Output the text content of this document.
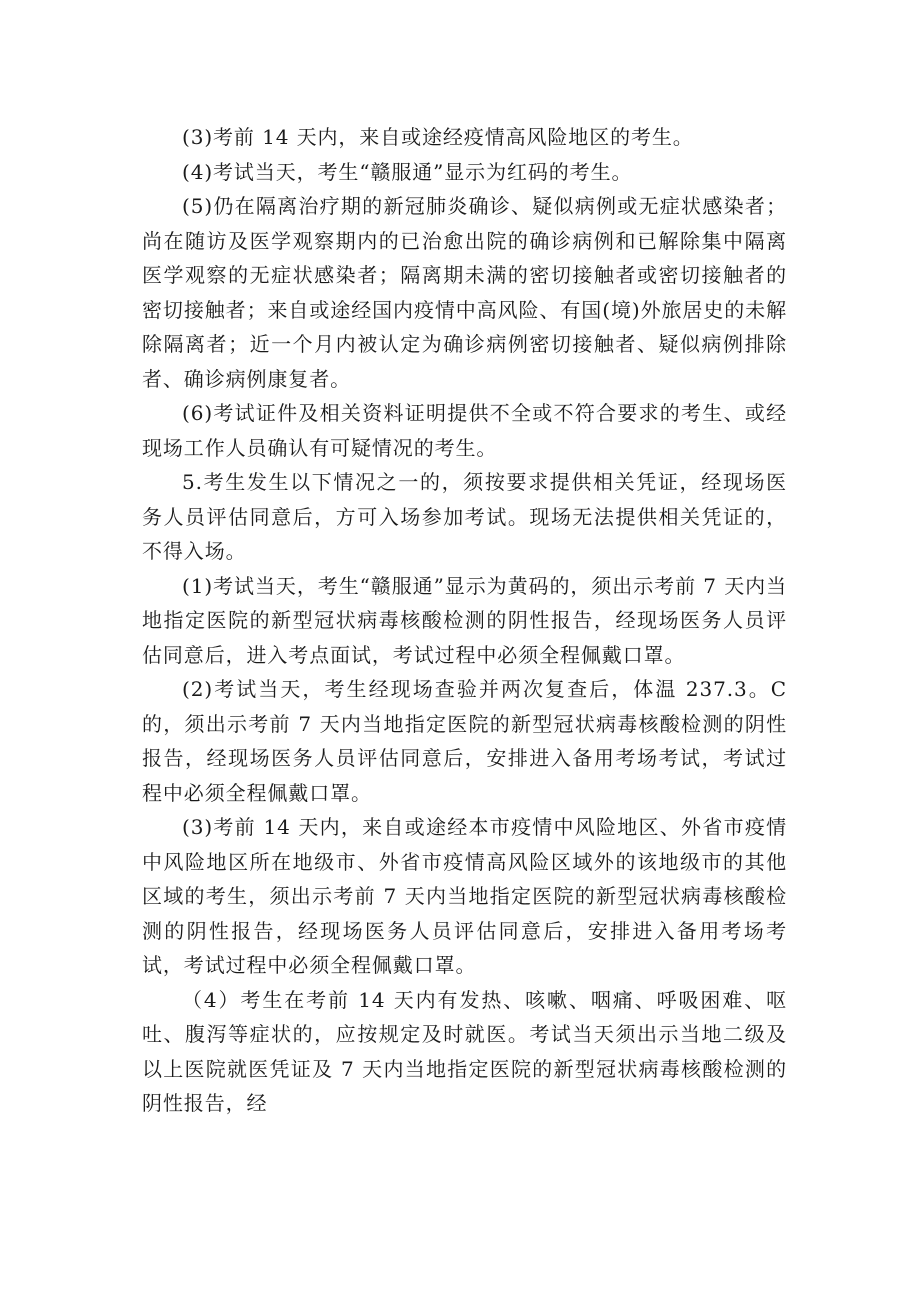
(3)考前 14 天内，来自或途经疫情高风险地区的考生。

(4)考试当天，考生“赣服通”显示为红码的考生。

(5)仍在隔离治疗期的新冠肺炎确诊、疑似病例或无症状感染者；尚在随访及医学观察期内的已治愈出院的确诊病例和已解除集中隔离医学观察的无症状感染者；隔离期未满的密切接触者或密切接触者的密切接触者；来自或途经国内疫情中高风险、有国(境)外旅居史的未解除隔离者；近一个月内被认定为确诊病例密切接触者、疑似病例排除者、确诊病例康复者。

(6)考试证件及相关资料证明提供不全或不符合要求的考生、或经现场工作人员确认有可疑情况的考生。

5.考生发生以下情况之一的，须按要求提供相关凭证，经现场医务人员评估同意后，方可入场参加考试。现场无法提供相关凭证的，不得入场。

(1)考试当天，考生“赣服通”显示为黄码的，须出示考前 7 天内当地指定医院的新型冠状病毒核酸检测的阴性报告，经现场医务人员评估同意后，进入考点面试，考试过程中必须全程佩戴口罩。

(2)考试当天，考生经现场查验并两次复查后，体温 237.3。C 的，须出示考前 7 天内当地指定医院的新型冠状病毒核酸检测的阴性报告，经现场医务人员评估同意后，安排进入备用考场考试，考试过程中必须全程佩戴口罩。

(3)考前 14 天内，来自或途经本市疫情中风险地区、外省市疫情中风险地区所在地级市、外省市疫情高风险区域外的该地级市的其他区域的考生，须出示考前 7 天内当地指定医院的新型冠状病毒核酸检测的阴性报告，经现场医务人员评估同意后，安排进入备用考场考试，考试过程中必须全程佩戴口罩。

（4）考生在考前 14 天内有发热、咳嗽、咽痛、呼吸困难、呕吐、腹泻等症状的，应按规定及时就医。考试当天须出示当地二级及以上医院就医凭证及 7 天内当地指定医院的新型冠状病毒核酸检测的阴性报告，经
